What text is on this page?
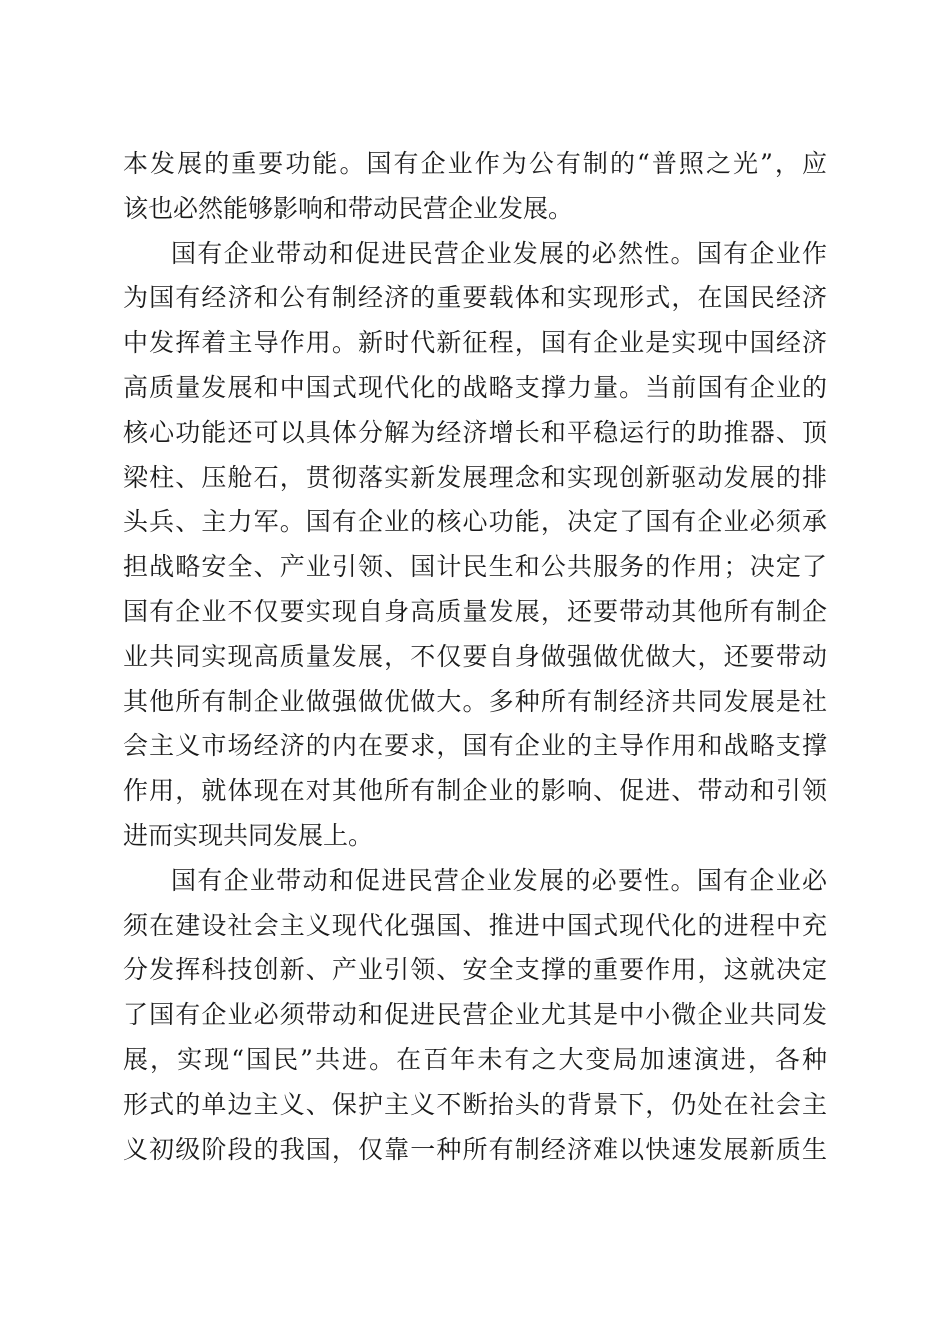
本发展的重要功能。国有企业作为公有制的“普照之光”，应
该也必然能够影响和带动民营企业发展。
国有企业带动和促进民营企业发展的必然性。国有企业作
为国有经济和公有制经济的重要载体和实现形式，在国民经济
中发挥着主导作用。新时代新征程，国有企业是实现中国经济
高质量发展和中国式现代化的战略支撑力量。当前国有企业的
核心功能还可以具体分解为经济增长和平稳运行的助推器、顶
梁柱、压舱石，贯彻落实新发展理念和实现创新驱动发展的排
头兵、主力军。国有企业的核心功能，决定了国有企业必须承
担战略安全、产业引领、国计民生和公共服务的作用；决定了
国有企业不仅要实现自身高质量发展，还要带动其他所有制企
业共同实现高质量发展，不仅要自身做强做优做大，还要带动
其他所有制企业做强做优做大。多种所有制经济共同发展是社
会主义市场经济的内在要求，国有企业的主导作用和战略支撑
作用，就体现在对其他所有制企业的影响、促进、带动和引领
进而实现共同发展上。
国有企业带动和促进民营企业发展的必要性。国有企业必
须在建设社会主义现代化强国、推进中国式现代化的进程中充
分发挥科技创新、产业引领、安全支撑的重要作用，这就决定
了国有企业必须带动和促进民营企业尤其是中小微企业共同发
展，实现“国民”共进。在百年未有之大变局加速演进，各种
形式的单边主义、保护主义不断抬头的背景下，仍处在社会主
义初级阶段的我国，仅靠一种所有制经济难以快速发展新质生
